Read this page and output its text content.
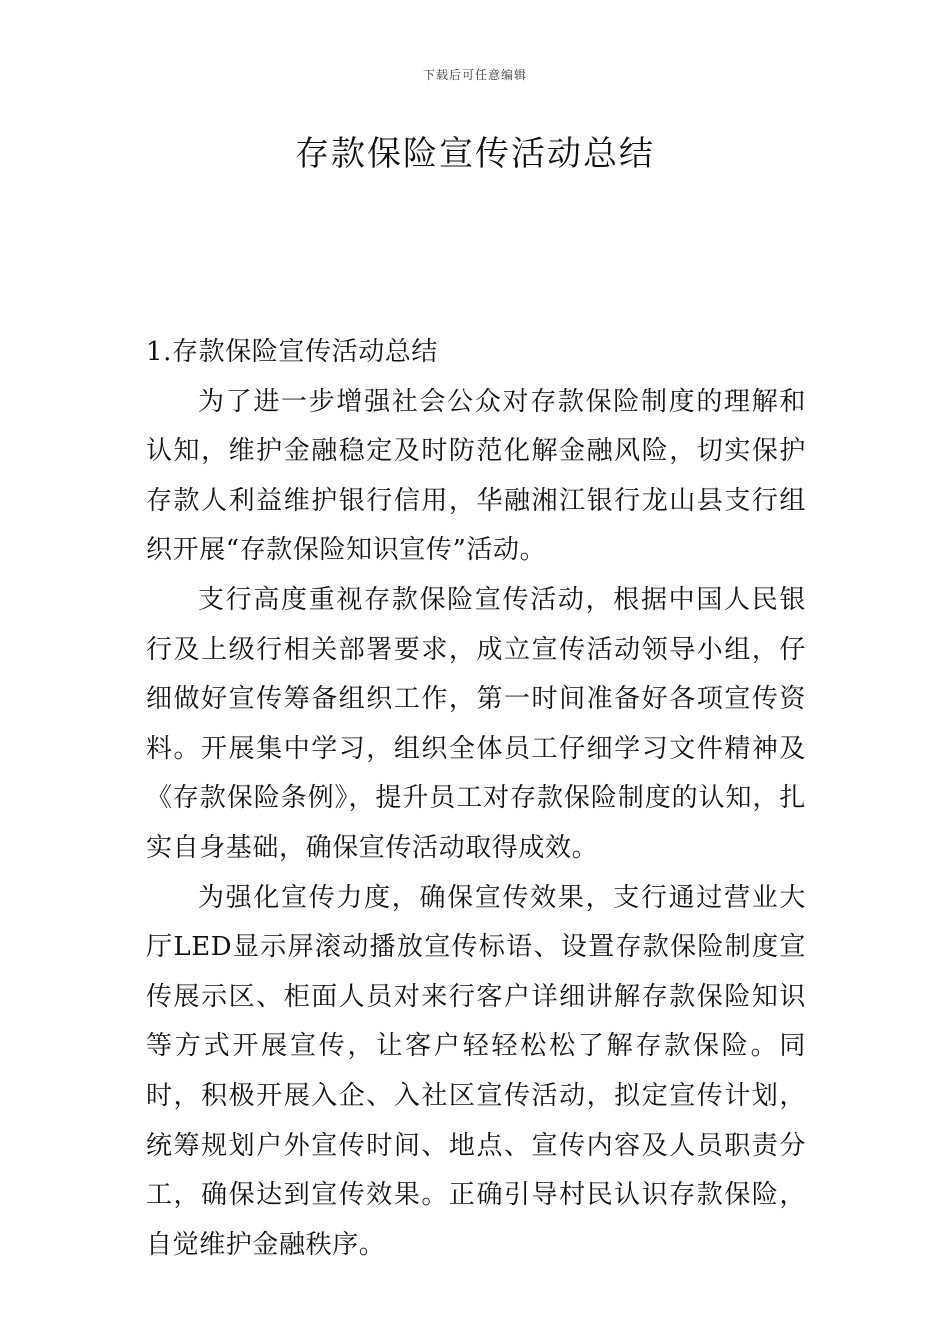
下载后可任意编辑
存款保险宣传活动总结

1.存款保险宣传活动总结

为了进一步增强社会公众对存款保险制度的理解和认知，维护金融稳定及时防范化解金融风险，切实保护存款人利益维护银行信用，华融湘江银行龙山县支行组织开展“存款保险知识宣传”活动。

支行高度重视存款保险宣传活动，根据中国人民银行及上级行相关部署要求，成立宣传活动领导小组，仔细做好宣传筹备组织工作，第一时间准备好各项宣传资料。开展集中学习，组织全体员工仔细学习文件精神及《存款保险条例》，提升员工对存款保险制度的认知，扎实自身基础，确保宣传活动取得成效。

为强化宣传力度，确保宣传效果，支行通过营业大厅LED显示屏滚动播放宣传标语、设置存款保险制度宣传展示区、柜面人员对来行客户详细讲解存款保险知识等方式开展宣传，让客户轻轻松松了解存款保险。同时，积极开展入企、入社区宣传活动，拟定宣传计划，统筹规划户外宣传时间、地点、宣传内容及人员职责分工，确保达到宣传效果。正确引导村民认识存款保险，自觉维护金融秩序。
